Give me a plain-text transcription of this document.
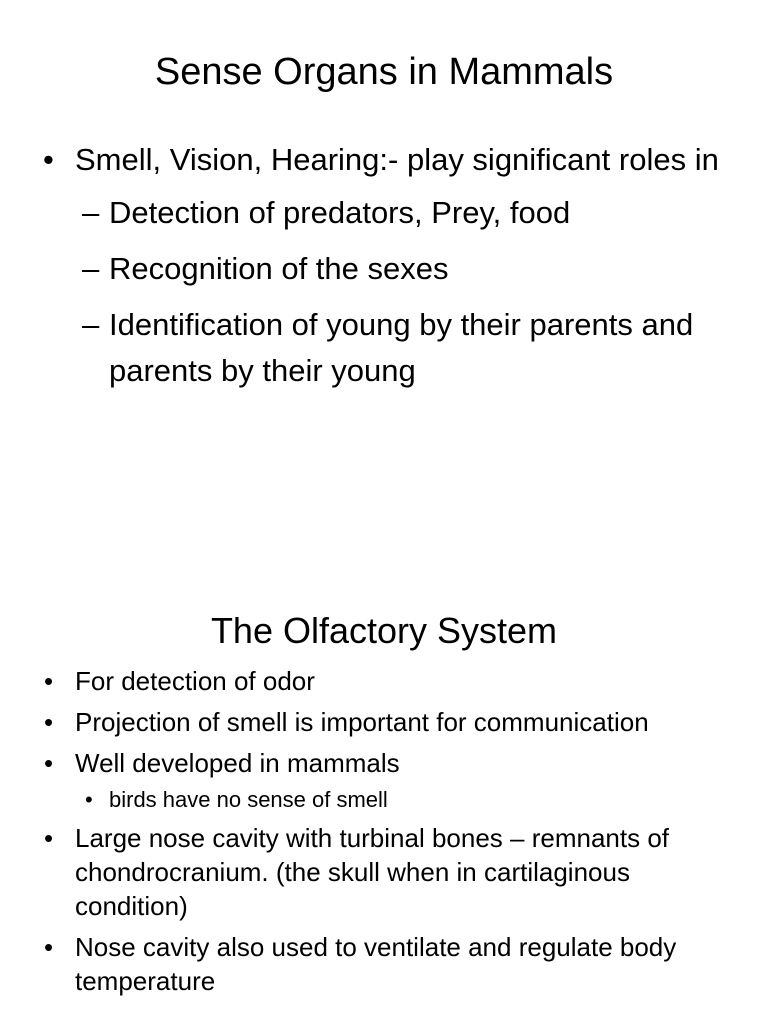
Sense Organs in Mammals
• Smell, Vision, Hearing:- play significant roles in
– Detection of predators, Prey, food
– Recognition of the sexes
– Identification of young by their parents and parents by their young
The Olfactory System
• For detection of odor
• Projection of smell is important for communication
• Well developed in mammals
• birds have no sense of smell
• Large nose cavity with turbinal bones – remnants of chondrocranium. (the skull when in cartilaginous condition)
• Nose cavity also used to ventilate and regulate body temperature
